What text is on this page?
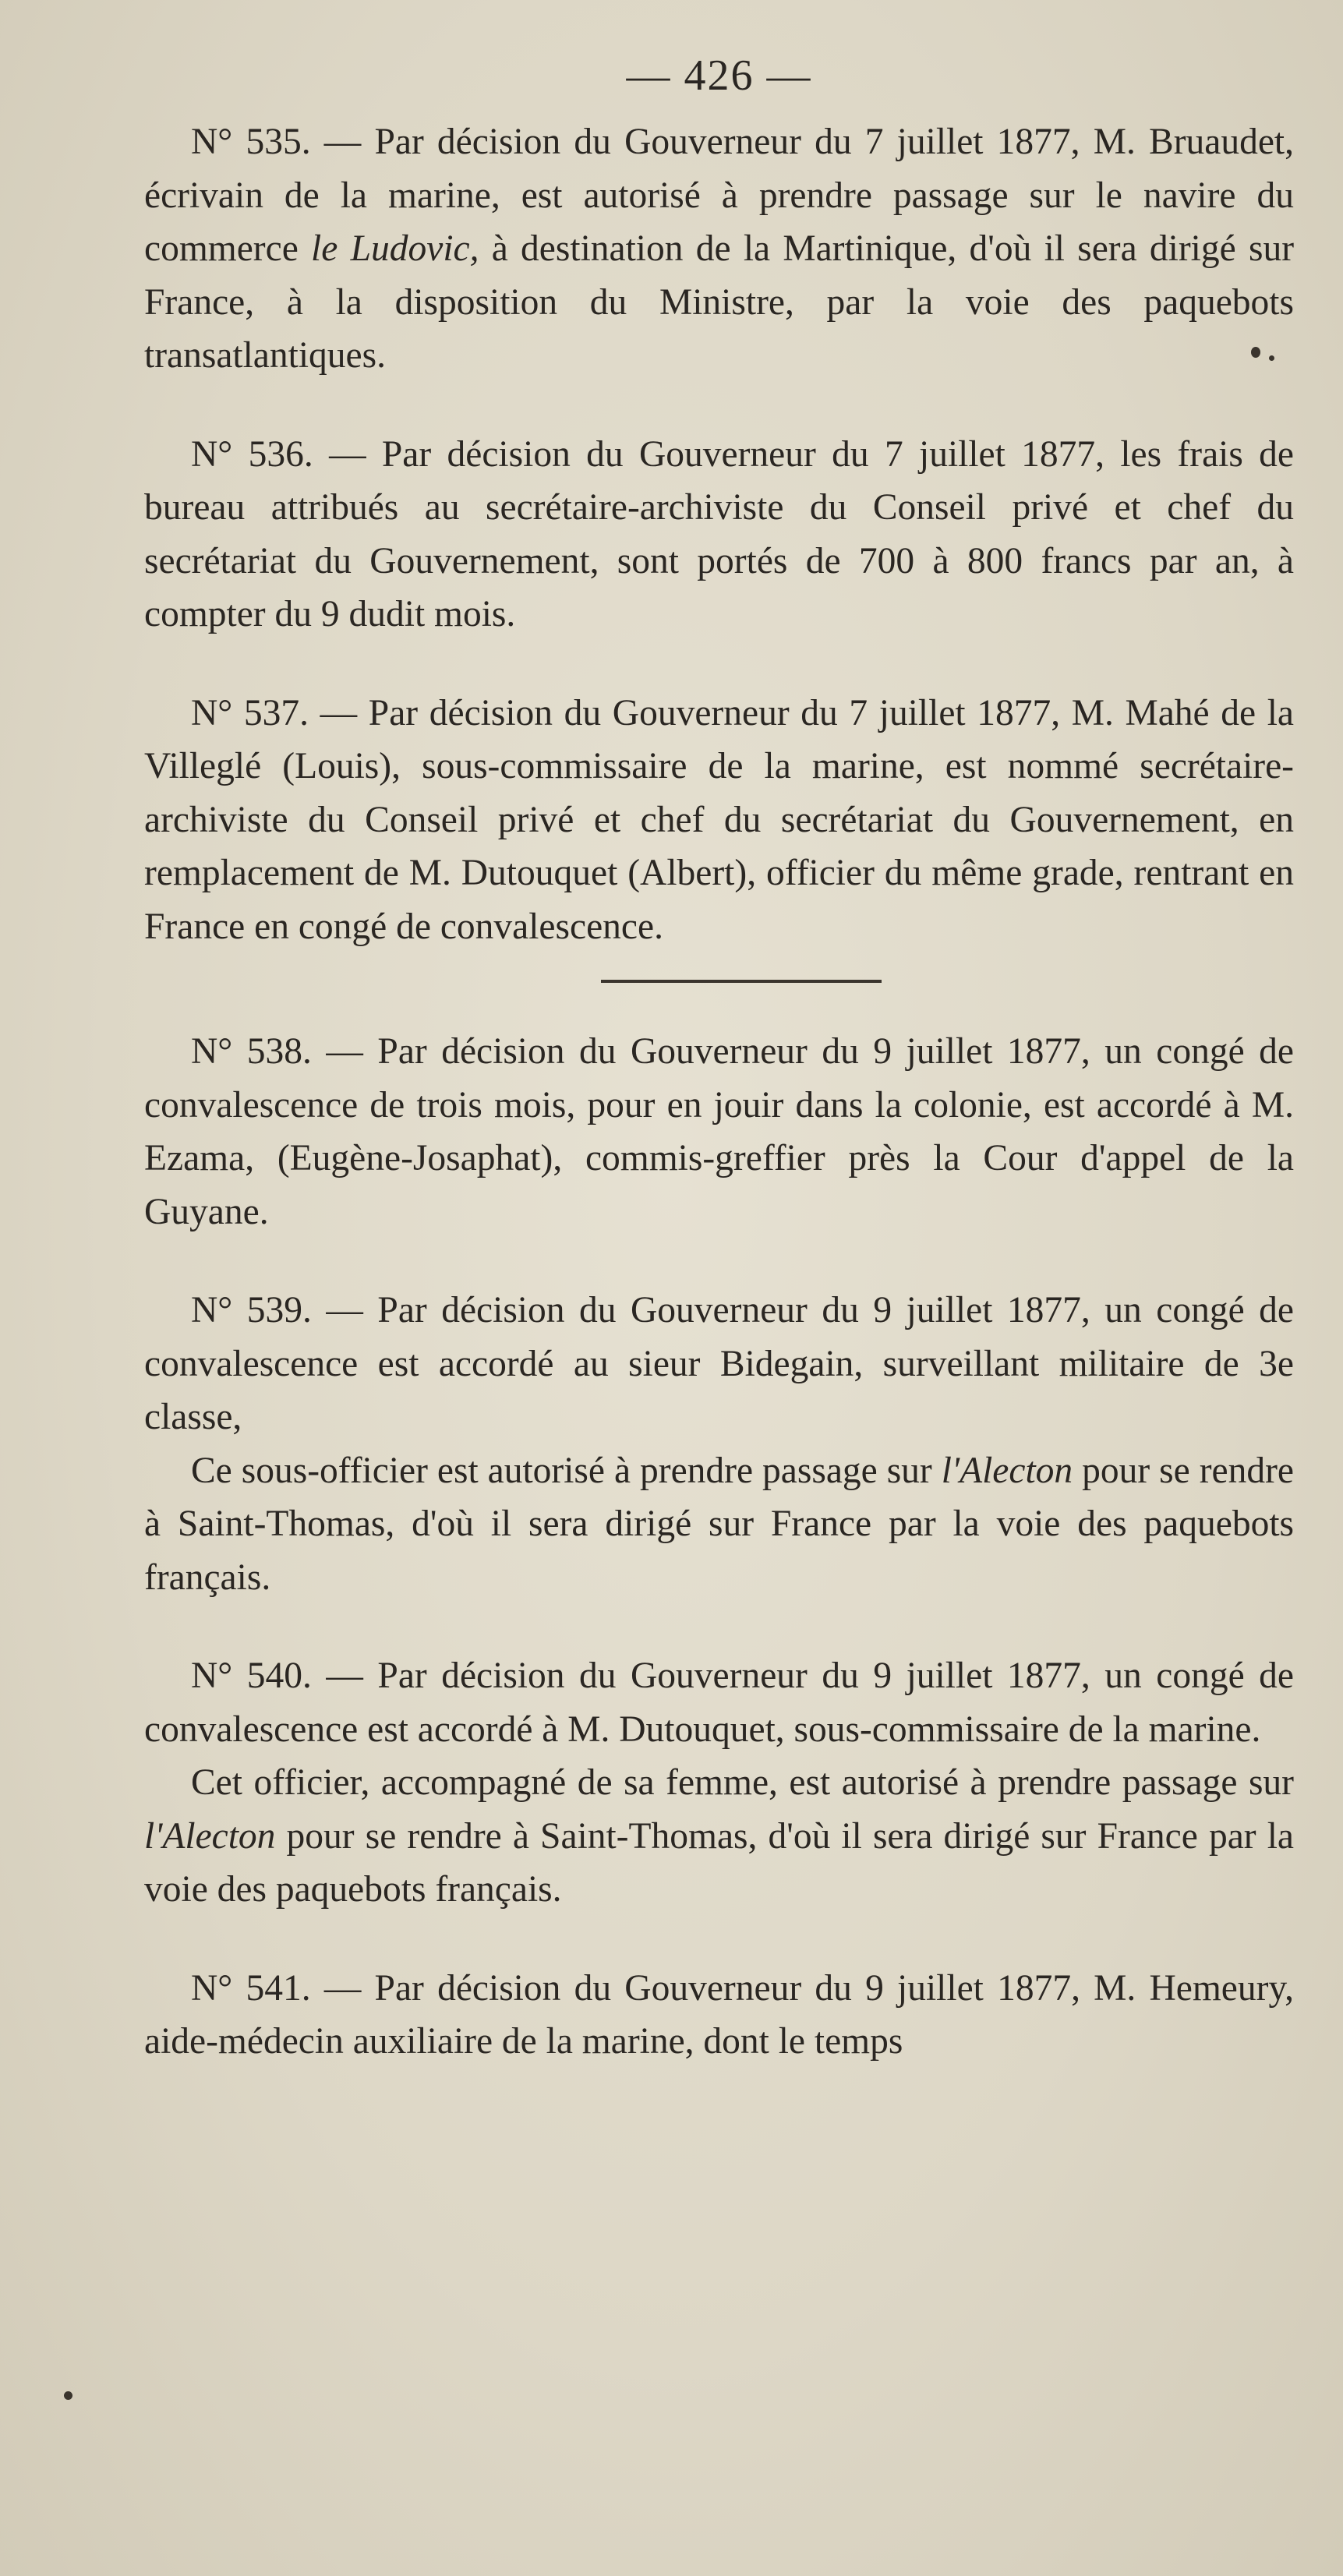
— 426 —

N° 535. — Par décision du Gouverneur du 7 juillet 1877, M. Bruaudet, écrivain de la marine, est autorisé à prendre passage sur le navire du commerce le Ludovic, à destination de la Martinique, d'où il sera dirigé sur France, à la disposition du Ministre, par la voie des paquebots transatlantiques.

N° 536. — Par décision du Gouverneur du 7 juillet 1877, les frais de bureau attribués au secrétaire-archiviste du Conseil privé et chef du secrétariat du Gouvernement, sont portés de 700 à 800 francs par an, à compter du 9 dudit mois.

N° 537. — Par décision du Gouverneur du 7 juillet 1877, M. Mahé de la Villeglé (Louis), sous-commissaire de la marine, est nommé secrétaire-archiviste du Conseil privé et chef du secrétariat du Gouvernement, en remplacement de M. Dutouquet (Albert), officier du même grade, rentrant en France en congé de convalescence.

N° 538. — Par décision du Gouverneur du 9 juillet 1877, un congé de convalescence de trois mois, pour en jouir dans la colonie, est accordé à M. Ezama, (Eugène-Josaphat), commis-greffier près la Cour d'appel de la Guyane.

N° 539. — Par décision du Gouverneur du 9 juillet 1877, un congé de convalescence est accordé au sieur Bidegain, surveillant militaire de 3e classe,

Ce sous-officier est autorisé à prendre passage sur l'Alecton pour se rendre à Saint-Thomas, d'où il sera dirigé sur France par la voie des paquebots français.

N° 540. — Par décision du Gouverneur du 9 juillet 1877, un congé de convalescence est accordé à M. Dutouquet, sous-commissaire de la marine.

Cet officier, accompagné de sa femme, est autorisé à prendre passage sur l'Alecton pour se rendre à Saint-Thomas, d'où il sera dirigé sur France par la voie des paquebots français.

N° 541. — Par décision du Gouverneur du 9 juillet 1877, M. Hemeury, aide-médecin auxiliaire de la marine, dont le temps
